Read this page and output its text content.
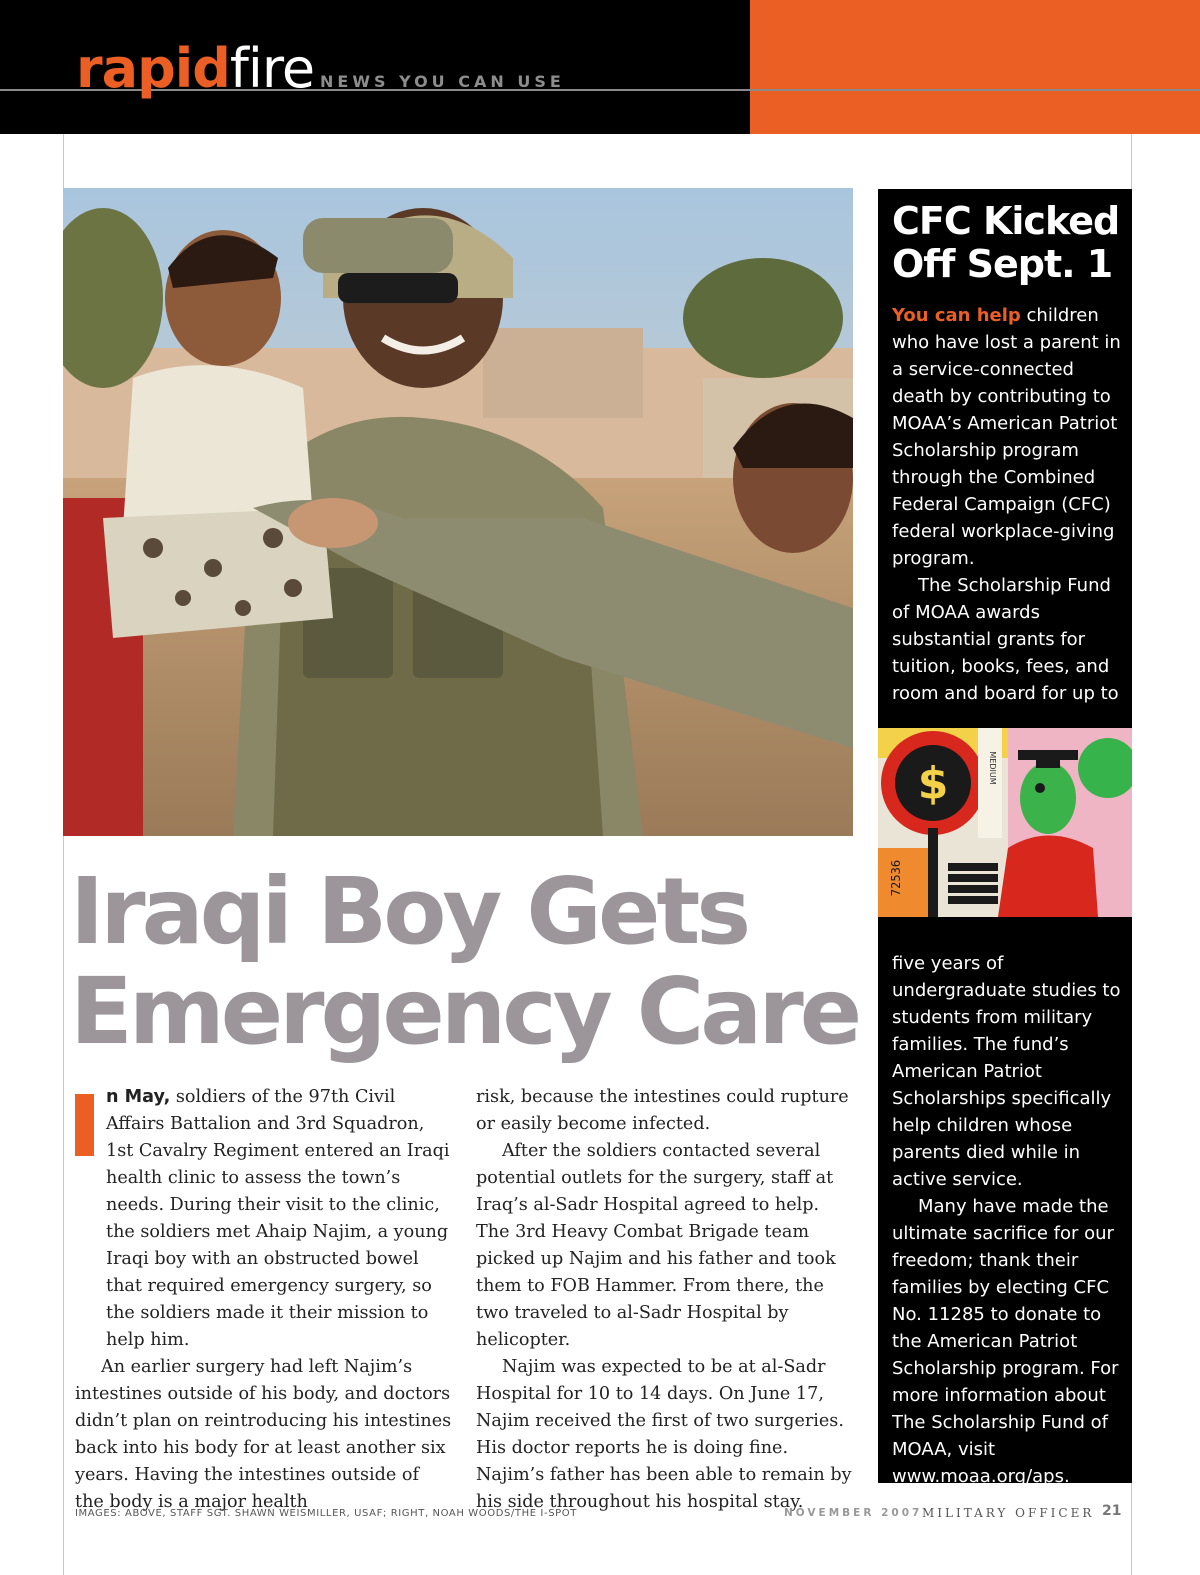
rapidfire NEWS YOU CAN USE
Iraqi Boy Gets Emergency Care

n May, soldiers of the 97th Civil Affairs Battalion and 3rd Squadron, 1st Cavalry Regiment entered an Iraqi health clinic to assess the town’s needs. During their visit to the clinic, the soldiers met Ahaip Najim, a young Iraqi boy with an obstructed bowel that required emergency surgery, so the soldiers made it their mission to help him.

An earlier surgery had left Najim’s intestines outside of his body, and doctors didn’t plan on reintroducing his intestines back into his body for at least another six years. Having the intestines outside of the body is a major health

risk, because the intestines could rupture or easily become infected.

After the soldiers contacted several potential outlets for the surgery, staff at Iraq’s al-Sadr Hospital agreed to help. The 3rd Heavy Combat Brigade team picked up Najim and his father and took them to FOB Hammer. From there, the two traveled to al-Sadr Hospital by helicopter.

Najim was expected to be at al-Sadr Hospital for 10 to 14 days. On June 17, Najim received the first of two surgeries. His doctor reports he is doing fine. Najim’s father has been able to remain by his side throughout his hospital stay.

CFC Kicked Off Sept. 1

You can help children who have lost a parent in a service-connected death by contributing to MOAA’s American Patriot Scholarship program through the Combined Federal Campaign (CFC) federal workplace-giving program.

The Scholarship Fund of MOAA awards substantial grants for tuition, books, fees, and room and board for up to

five years of undergraduate studies to students from military families. The fund’s American Patriot Scholarships specifically help children whose parents died while in active service.

Many have made the ultimate sacrifice for our freedom; thank their families by electing CFC No. 11285 to donate to the American Patriot Scholarship program. For more information about The Scholarship Fund of MOAA, visit www.moaa.org/aps.

$	MEDIUM
72536
IMAGES: ABOVE, STAFF SGT. SHAWN WEISMILLER, USAF; RIGHT, NOAH WOODS/THE I-SPOT	NOVEMBER 2007 MILITARY OFFICER 21
